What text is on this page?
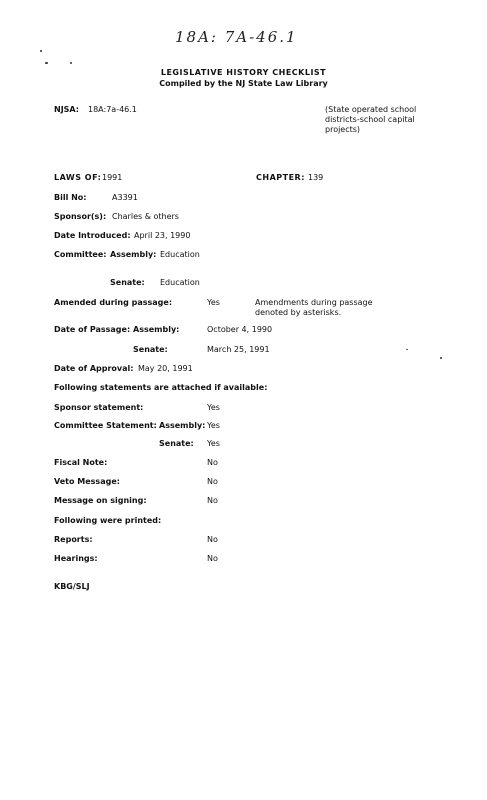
18A: 7A-46.1
LEGISLATIVE HISTORY CHECKLIST
Compiled by the NJ State Law Library
NJSA: 18A:7a-46.1	(State operated school districts-school capital projects)
LAWS OF: 1991	CHAPTER: 139
Bill No:	A3391
Sponsor(s): Charles & others
Date Introduced: April 23, 1990
Committee: Assembly: Education
Senate: Education
Amended during passage:	Yes	Amendments during passage denoted by asterisks.
Date of Passage: Assembly:	October 4, 1990
Senate:	March 25, 1991
Date of Approval: May 20, 1991
Following statements are attached if available:
Sponsor statement:	Yes
Committee Statement: Assembly: Yes
Senate: Yes
Fiscal Note:	No
Veto Message:	No
Message on signing:	No
Following were printed:
Reports:	No
Hearings:	No
KBG/SLJ
